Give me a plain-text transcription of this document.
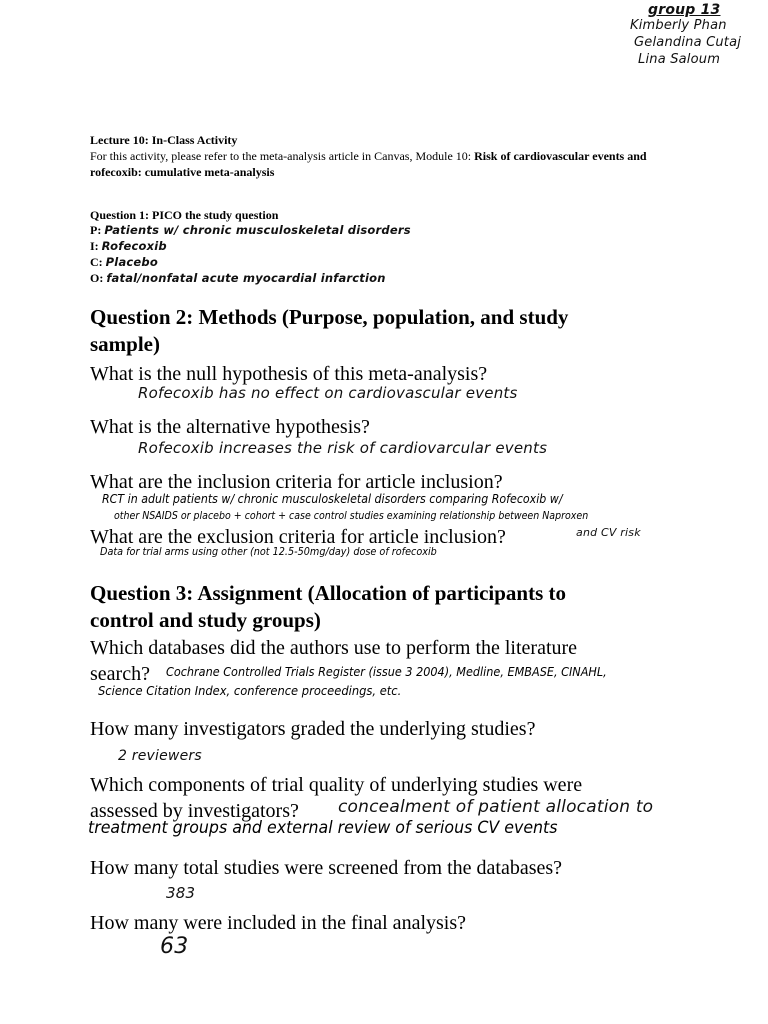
group 13
Kimberly Phan
Gelandina Cutaj
Lina Saloum
Lecture 10: In-Class Activity
For this activity, please refer to the meta-analysis article in Canvas, Module 10: Risk of cardiovascular events and
rofecoxib: cumulative meta-analysis
Question 1: PICO the study question
P: Patients w/ chronic musculoskeletal disorders
I: Rofecoxib
C: Placebo
O: fatal/nonfatal acute myocardial infarction
Question 2: Methods (Purpose, population, and study
sample)
What is the null hypothesis of this meta-analysis?
Rofecoxib has no effect on cardiovascular events
What is the alternative hypothesis?
Rofecoxib increases the risk of cardiovarcular events
What are the inclusion criteria for article inclusion?
RCT in adult patients w/ chronic musculoskeletal disorders comparing Rofecoxib w/
other NSAIDS or placebo + cohort + case control studies examining relationship between Naproxen
What are the exclusion criteria for article inclusion?	and CV risk
Data for trial arms using other (not 12.5-50mg/day) dose of rofecoxib
Question 3: Assignment (Allocation of participants to
control and study groups)
Which databases did the authors use to perform the literature
search? Cochrane Controlled Trials Register (issue 3 2004), Medline, EMBASE, CINAHL,
Science Citation Index, conference proceedings, etc.
How many investigators graded the underlying studies?
2 reviewers
Which components of trial quality of underlying studies were
assessed by investigators? concealment of patient allocation to
treatment groups and external review of serious CV events
How many total studies were screened from the databases?
383
How many were included in the final analysis?
63
